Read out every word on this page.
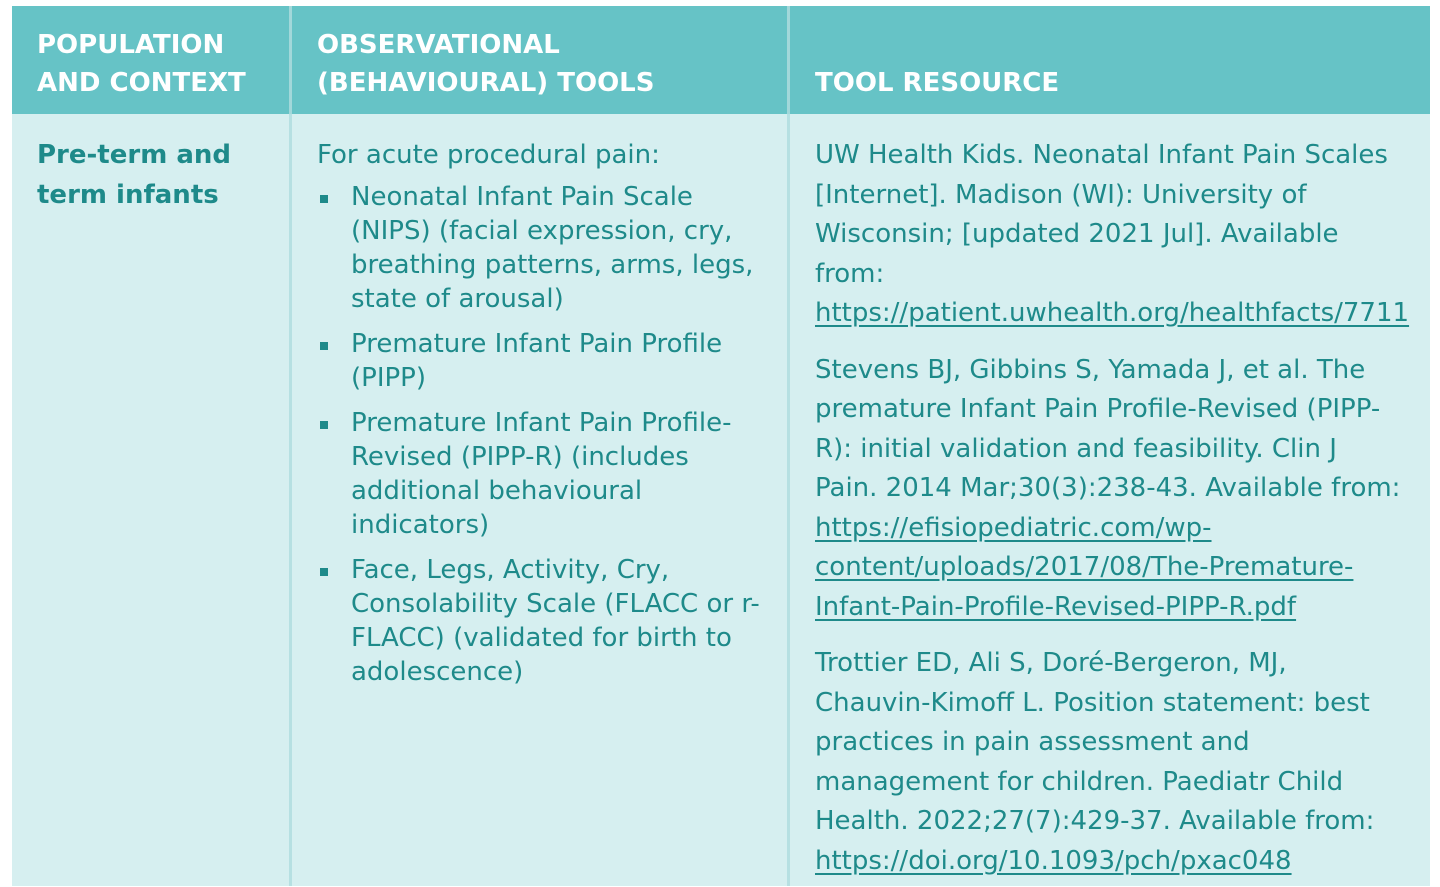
POPULATION
AND CONTEXT
OBSERVATIONAL
(BEHAVIOURAL) TOOLS	TOOL RESOURCE
Pre-term and
term infants

For acute procedural pain:

Neonatal Infant Pain Scale (NIPS) (facial expression, cry, breathing patterns, arms, legs, state of arousal)
Premature Infant Pain Profile (PIPP)
Premature Infant Pain Profile-Revised (PIPP-R) (includes additional behavioural indicators)
Face, Legs, Activity, Cry, Consolability Scale (FLACC or r-FLACC) (validated for birth to adolescence)

UW Health Kids. Neonatal Infant Pain Scales [Internet]. Madison (WI): University of Wisconsin; [updated 2021 Jul]. Available from: https://patient.uwhealth.org/healthfacts/7711

Stevens BJ, Gibbins S, Yamada J, et al. The premature Infant Pain Profile-Revised (PIPP-R): initial validation and feasibility. Clin J Pain. 2014 Mar;30(3):238-43. Available from: https://efisiopediatric.com/wp-content/uploads/2017/08/The-Premature-Infant-Pain-Profile-Revised-PIPP-R.pdf

Trottier ED, Ali S, Doré-Bergeron, MJ, Chauvin-Kimoff L. Position statement: best practices in pain assessment and management for children. Paediatr Child Health. 2022;27(7):429-37. Available from: https://doi.org/10.1093/pch/pxac048
